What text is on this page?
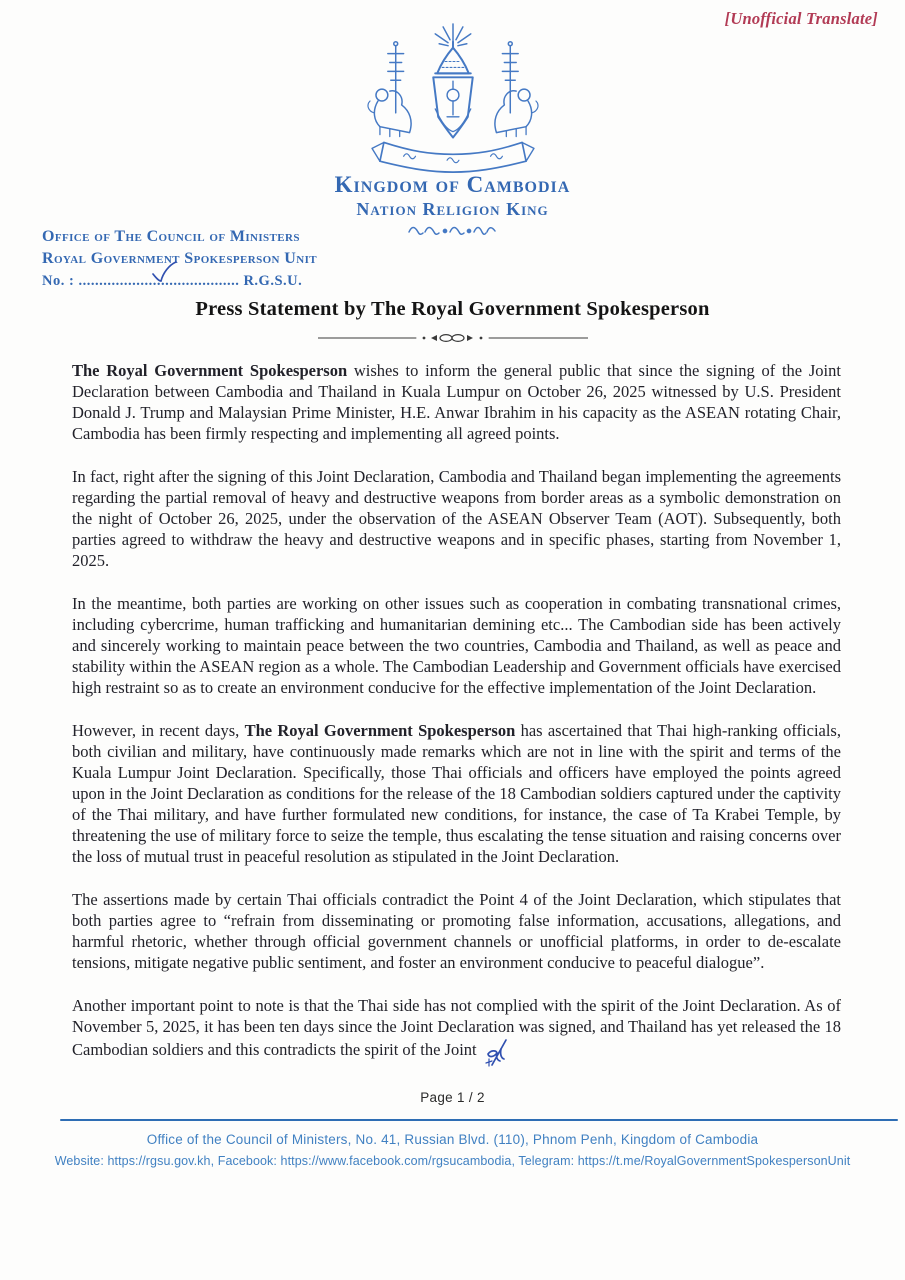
[Unofficial Translate]
Kingdom of Cambodia
Nation Religion King
Office of The Council of Ministers
Royal Government Spokesperson Unit
No. : ....................................... R.G.S.U.
Press Statement by The Royal Government Spokesperson

The Royal Government Spokesperson wishes to inform the general public that since the signing of the Joint Declaration between Cambodia and Thailand in Kuala Lumpur on October 26, 2025 witnessed by U.S. President Donald J. Trump and Malaysian Prime Minister, H.E. Anwar Ibrahim in his capacity as the ASEAN rotating Chair, Cambodia has been firmly respecting and implementing all agreed points.

In fact, right after the signing of this Joint Declaration, Cambodia and Thailand began implementing the agreements regarding the partial removal of heavy and destructive weapons from border areas as a symbolic demonstration on the night of October 26, 2025, under the observation of the ASEAN Observer Team (AOT). Subsequently, both parties agreed to withdraw the heavy and destructive weapons and in specific phases, starting from November 1, 2025.

In the meantime, both parties are working on other issues such as cooperation in combating transnational crimes, including cybercrime, human trafficking and humanitarian demining etc... The Cambodian side has been actively and sincerely working to maintain peace between the two countries, Cambodia and Thailand, as well as peace and stability within the ASEAN region as a whole. The Cambodian Leadership and Government officials have exercised high restraint so as to create an environment conducive for the effective implementation of the Joint Declaration.

However, in recent days, The Royal Government Spokesperson has ascertained that Thai high-ranking officials, both civilian and military, have continuously made remarks which are not in line with the spirit and terms of the Kuala Lumpur Joint Declaration. Specifically, those Thai officials and officers have employed the points agreed upon in the Joint Declaration as conditions for the release of the 18 Cambodian soldiers captured under the captivity of the Thai military, and have further formulated new conditions, for instance, the case of Ta Krabei Temple, by threatening the use of military force to seize the temple, thus escalating the tense situation and raising concerns over the loss of mutual trust in peaceful resolution as stipulated in the Joint Declaration.

The assertions made by certain Thai officials contradict the Point 4 of the Joint Declaration, which stipulates that both parties agree to “refrain from disseminating or promoting false information, accusations, allegations, and harmful rhetoric, whether through official government channels or unofficial platforms, in order to de-escalate tensions, mitigate negative public sentiment, and foster an environment conducive to peaceful dialogue”.

Another important point to note is that the Thai side has not complied with the spirit of the Joint Declaration. As of November 5, 2025, it has been ten days since the Joint Declaration was signed, and Thailand has yet released the 18 Cambodian soldiers and this contradicts the spirit of the Joint

Page 1 / 2
Office of the Council of Ministers, No. 41, Russian Blvd. (110), Phnom Penh, Kingdom of Cambodia
Website: https://rgsu.gov.kh, Facebook: https://www.facebook.com/rgsucambodia, Telegram: https://t.me/RoyalGovernmentSpokespersonUnit
